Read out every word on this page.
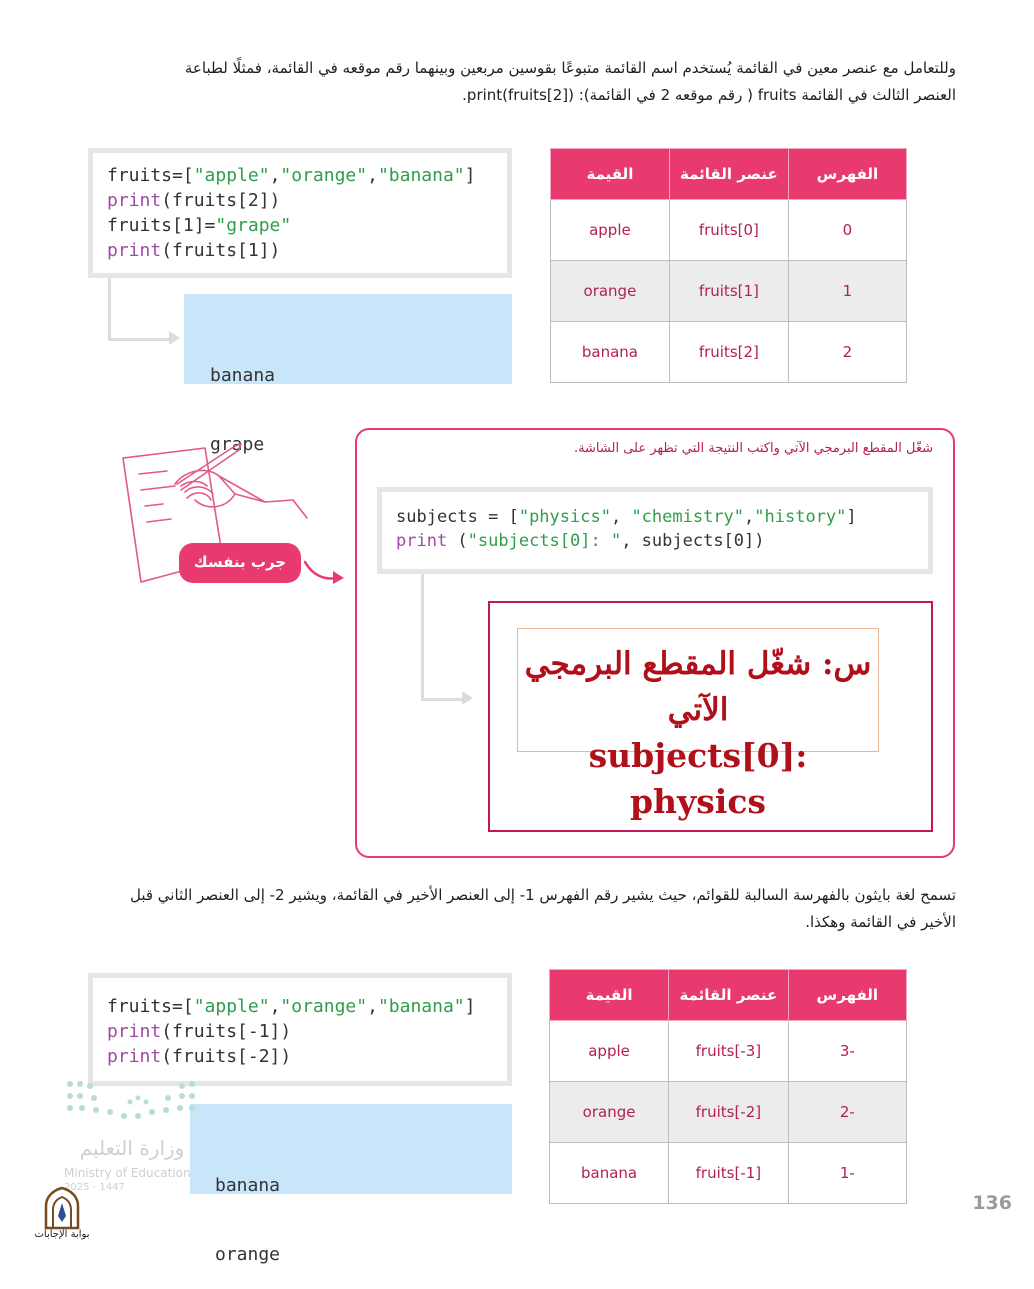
وللتعامل مع عنصر معين في القائمة يُستخدم اسم القائمة متبوعًا بقوسين مربعين وبينهما رقم موقعه في القائمة، فمثلًا لطباعة
العنصر الثالث في القائمة fruits ( رقم موقعه 2 في القائمة): print(fruits[2]).
fruits=["apple","orange","banana"]
print(fruits[2])
fruits[1]="grape"
print(fruits[1])

banana

grape

الفهرس	عنصر القائمة	القيمة
0	fruits[0]	apple
1	fruits[1]	orange
2	fruits[2]	banana
شغّل المقطع البرمجي الآتي واكتب النتيجة التي تظهر على الشاشة.
جرب بنفسك
subjects = ["physics", "chemistry","history"]
print ("subjects[0]: ", subjects[0])
س: شغّل المقطع البرمجي الآتي
subjects[0]: physics
تسمح لغة بايثون بالفهرسة السالبة للقوائم، حيث يشير رقم الفهرس 1- إلى العنصر الأخير في القائمة، ويشير 2- إلى العنصر الثاني قبل
الأخير في القائمة وهكذا.
fruits=["apple","orange","banana"]
print(fruits[-1])
print(fruits[-2])

banana

orange

الفهرس	عنصر القائمة	القيمة
-3	fruits[-3]	apple
-2	fruits[-2]	orange
-1	fruits[-1]	banana
وزارة التعليم
Ministry of Education
2025 - 1447
بوابة الإجابات
136
